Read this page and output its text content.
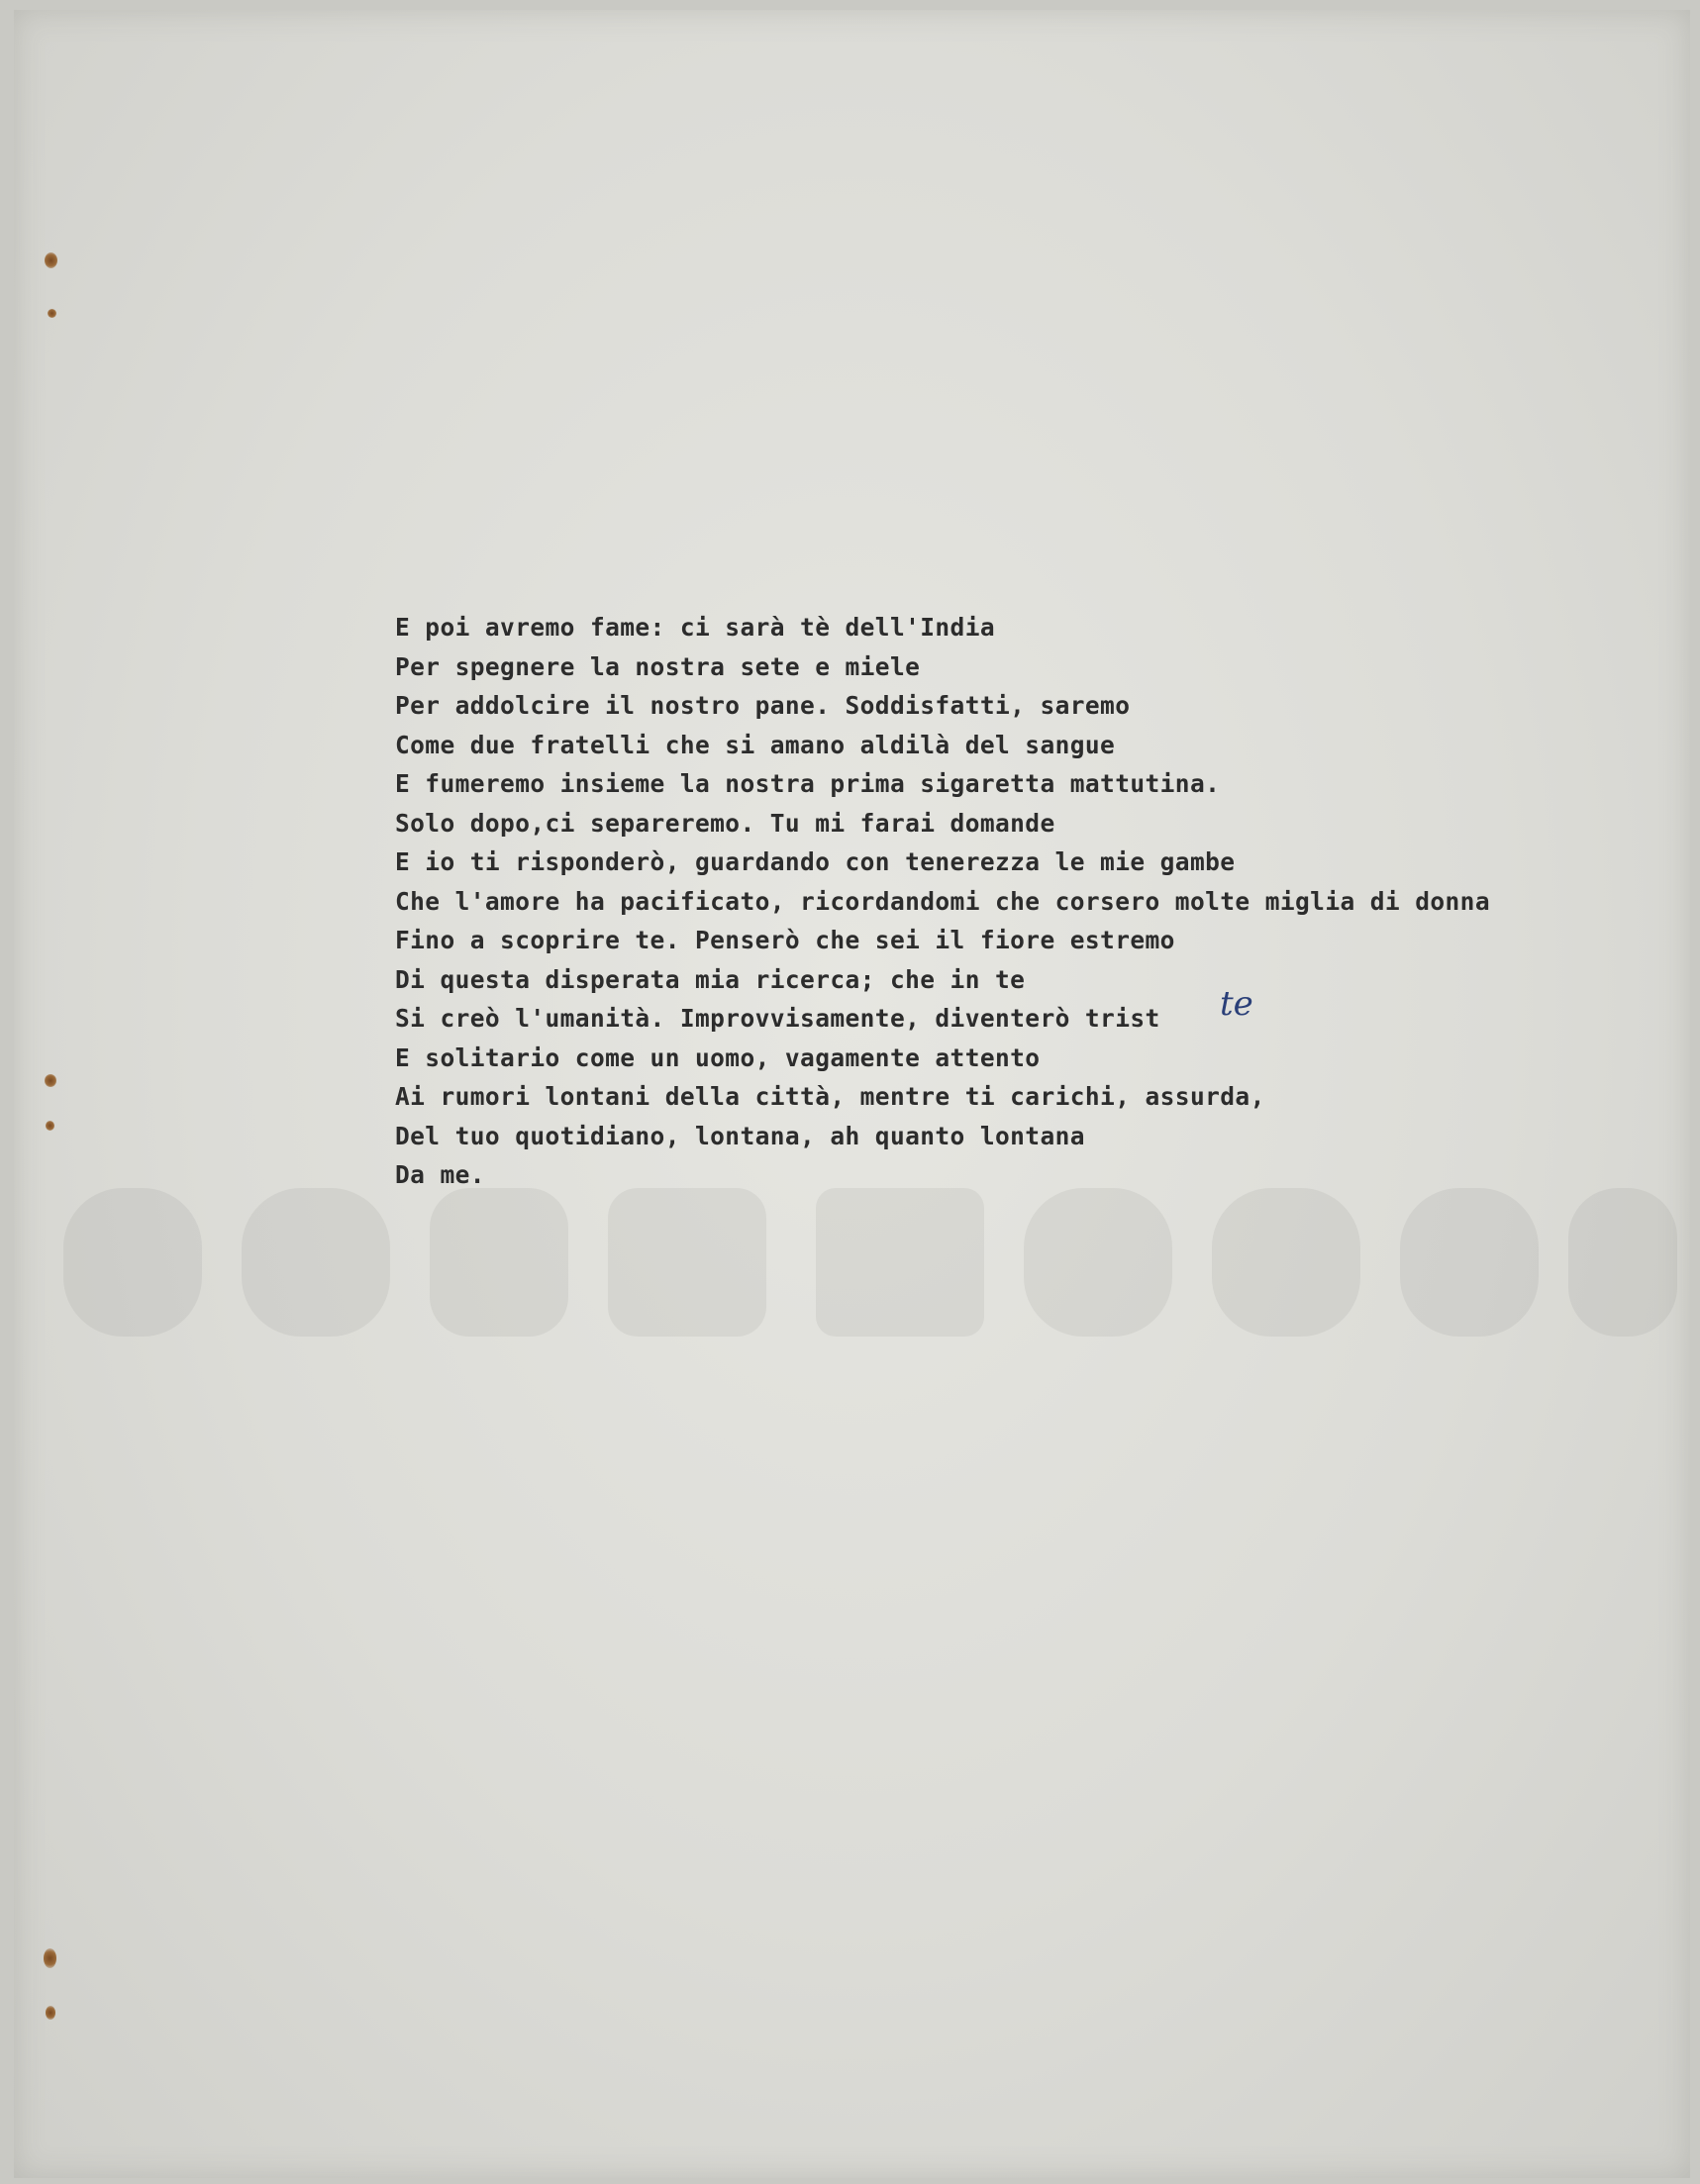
E poi avremo fame: ci sarà tè dell'India
Per spegnere la nostra sete e miele
Per addolcire il nostro pane. Soddisfatti, saremo
Come due fratelli che si amano aldilà del sangue
E fumeremo insieme la nostra prima sigaretta mattutina.
Solo dopo,ci separeremo. Tu mi farai domande
E io ti risponderò, guardando con tenerezza le mie gambe
Che l'amore ha pacificato, ricordandomi che corsero molte miglia di donna
Fino a scoprire te. Penserò che sei il fiore estremo
Di questa disperata mia ricerca; che in te
Si creò l'umanità. Improvvisamente, diventerò trist
E solitario come un uomo, vagamente attento
Ai rumori lontani della città, mentre ti carichi, assurda,
Del tuo quotidiano, lontana, ah quanto lontana
Da me.
te
